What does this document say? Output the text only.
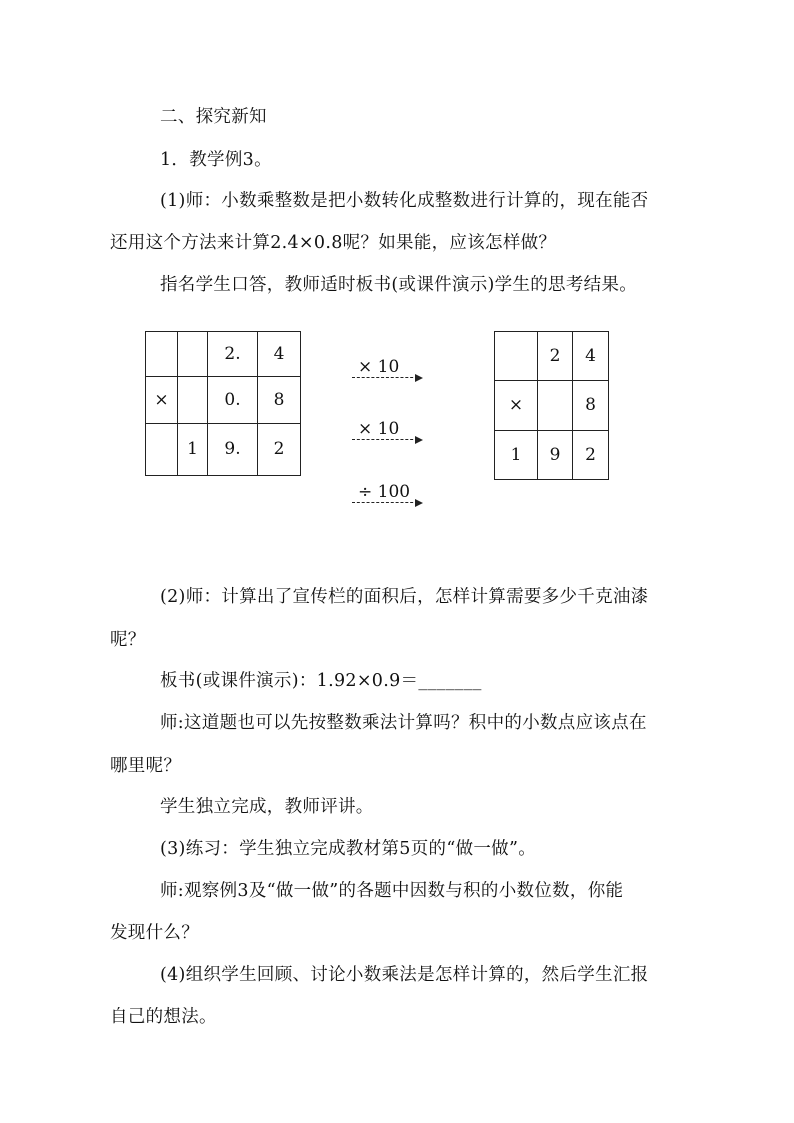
二、探究新知
1．教学例3。
(1)师：小数乘整数是把小数转化成整数进行计算的，现在能否
还用这个方法来计算2.4×0.8呢？如果能，应该怎样做？
指名学生口答，教师适时板书(或课件演示)学生的思考结果。
		2.	4
×		0.	8
	1	9.	2
× 10
× 10
÷ 100
	2	4
×		8
1	9	2
(2)师：计算出了宣传栏的面积后，怎样计算需要多少千克油漆
呢？
板书(或课件演示)：1.92×0.9＝_______
师:这道题也可以先按整数乘法计算吗？积中的小数点应该点在
哪里呢？
学生独立完成，教师评讲。
(3)练习：学生独立完成教材第5页的“做一做”。
师:观察例3及“做一做”的各题中因数与积的小数位数，你能
发现什么？
(4)组织学生回顾、讨论小数乘法是怎样计算的，然后学生汇报
自己的想法。
